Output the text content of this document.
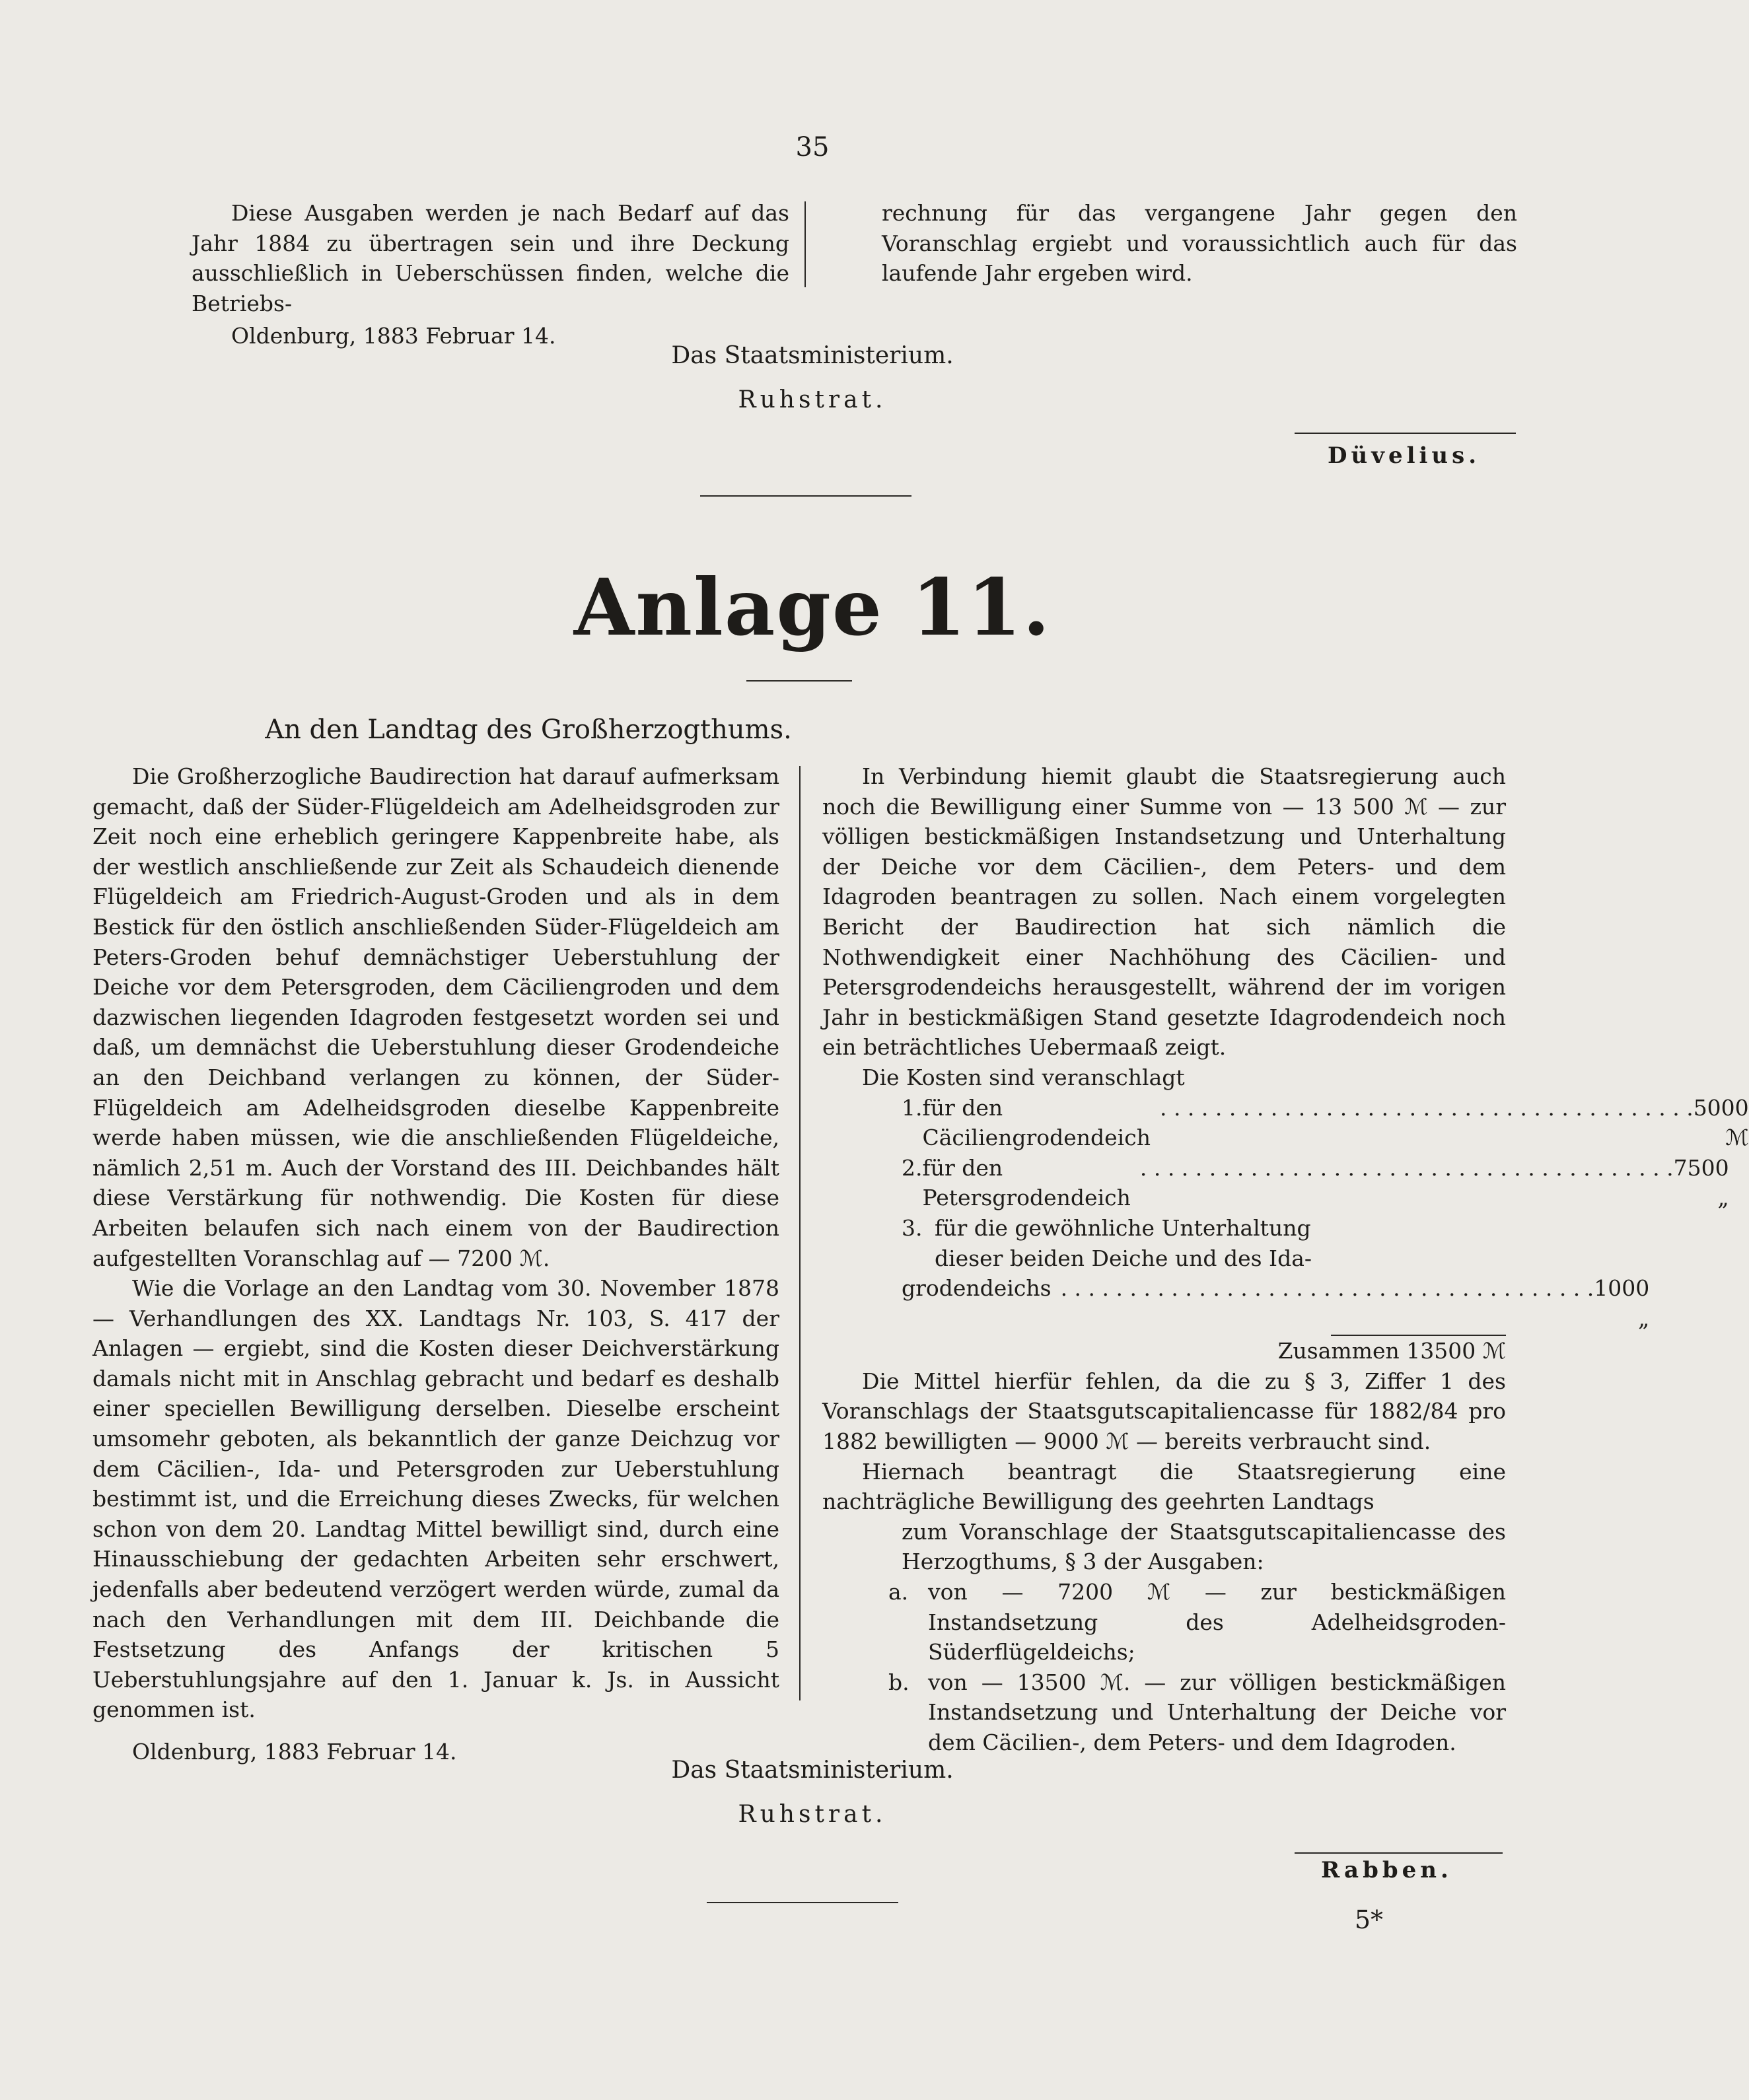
35

Diese Ausgaben werden je nach Bedarf auf das Jahr 1884 zu übertragen sein und ihre Deckung ausschließlich in Ueberschüssen finden, welche die Betriebs-

Oldenburg, 1883 Februar 14.

rechnung für das vergangene Jahr gegen den Voranschlag ergiebt und voraussichtlich auch für das laufende Jahr ergeben wird.

Das Staatsministerium.
Ruhstrat.
Düvelius.
Anlage 11.
An den Landtag des Großherzogthums.

Die Großherzogliche Baudirection hat darauf aufmerksam gemacht, daß der Süder-Flügeldeich am Adelheidsgroden zur Zeit noch eine erheblich geringere Kappenbreite habe, als der westlich anschließende zur Zeit als Schaudeich dienende Flügeldeich am Friedrich-August-Groden und als in dem Bestick für den östlich anschließenden Süder-Flügeldeich am Peters-Groden behuf demnächstiger Ueberstuhlung der Deiche vor dem Petersgroden, dem Cäciliengroden und dem dazwischen liegenden Idagroden festgesetzt worden sei und daß, um demnächst die Ueberstuhlung dieser Grodendeiche an den Deichband verlangen zu können, der Süder-Flügeldeich am Adelheidsgroden dieselbe Kappenbreite werde haben müssen, wie die anschließenden Flügeldeiche, nämlich 2,51 m. Auch der Vorstand des III. Deichbandes hält diese Verstärkung für nothwendig. Die Kosten für diese Arbeiten belaufen sich nach einem von der Baudirection aufgestellten Voranschlag auf — 7200 ℳ.

Wie die Vorlage an den Landtag vom 30. November 1878 — Verhandlungen des XX. Landtags Nr. 103, S. 417 der Anlagen — ergiebt, sind die Kosten dieser Deichverstärkung damals nicht mit in Anschlag gebracht und bedarf es deshalb einer speciellen Bewilligung derselben. Dieselbe erscheint umsomehr geboten, als bekanntlich der ganze Deichzug vor dem Cäcilien-, Ida- und Petersgroden zur Ueberstuhlung bestimmt ist, und die Erreichung dieses Zwecks, für welchen schon von dem 20. Landtag Mittel bewilligt sind, durch eine Hinausschiebung der gedachten Arbeiten sehr erschwert, jedenfalls aber bedeutend verzögert werden würde, zumal da nach den Verhandlungen mit dem III. Deichbande die Festsetzung des Anfangs der kritischen 5 Ueberstuhlungsjahre auf den 1. Januar k. Js. in Aussicht genommen ist.

Oldenburg, 1883 Februar 14.

In Verbindung hiemit glaubt die Staatsregierung auch noch die Bewilligung einer Summe von — 13 500 ℳ — zur völligen bestickmäßigen Instandsetzung und Unterhaltung der Deiche vor dem Cäcilien-, dem Peters- und dem Idagroden beantragen zu sollen. Nach einem vorgelegten Bericht der Baudirection hat sich nämlich die Nothwendigkeit einer Nachhöhung des Cäcilien- und Petersgrodendeichs herausgestellt, während der im vorigen Jahr in bestickmäßigen Stand gesetzte Idagrodendeich noch ein beträchtliches Uebermaaß zeigt.

Die Kosten sind veranschlagt

1. für den Cäciliengrodendeich
. . . . . . . . . . . . . . . . . . . . . . . . . . . . . . . . . . . . . . . 5000 ℳ
2. für den Petersgrodendeich
. . . . . . . . . . . . . . . . . . . . . . . . . . . . . . . . . . . . . . . 7500 „
3. für die gewöhnliche Unterhaltung
dieser beiden Deiche und des Ida-
grodendeichs . . . . . . . . . . . . . . . . . . . . . . . . . . . . . . . . . . . . . . . 1000 „
Zusammen 13500 ℳ

Die Mittel hierfür fehlen, da die zu § 3, Ziffer 1 des Voranschlags der Staatsgutscapitaliencasse für 1882/84 pro 1882 bewilligten — 9000 ℳ — bereits verbraucht sind.

Hiernach beantragt die Staatsregierung eine nachträgliche Bewilligung des geehrten Landtags

zum Voranschlage der Staatsgutscapitaliencasse des Herzogthums, § 3 der Ausgaben:

a. von — 7200 ℳ — zur bestickmäßigen Instandsetzung des Adelheidsgroden-Süderflügeldeichs;

b. von — 13500 ℳ. — zur völligen bestickmäßigen Instandsetzung und Unterhaltung der Deiche vor dem Cäcilien-, dem Peters- und dem Idagroden.

Das Staatsministerium.
Ruhstrat.
Rabben.
5*
